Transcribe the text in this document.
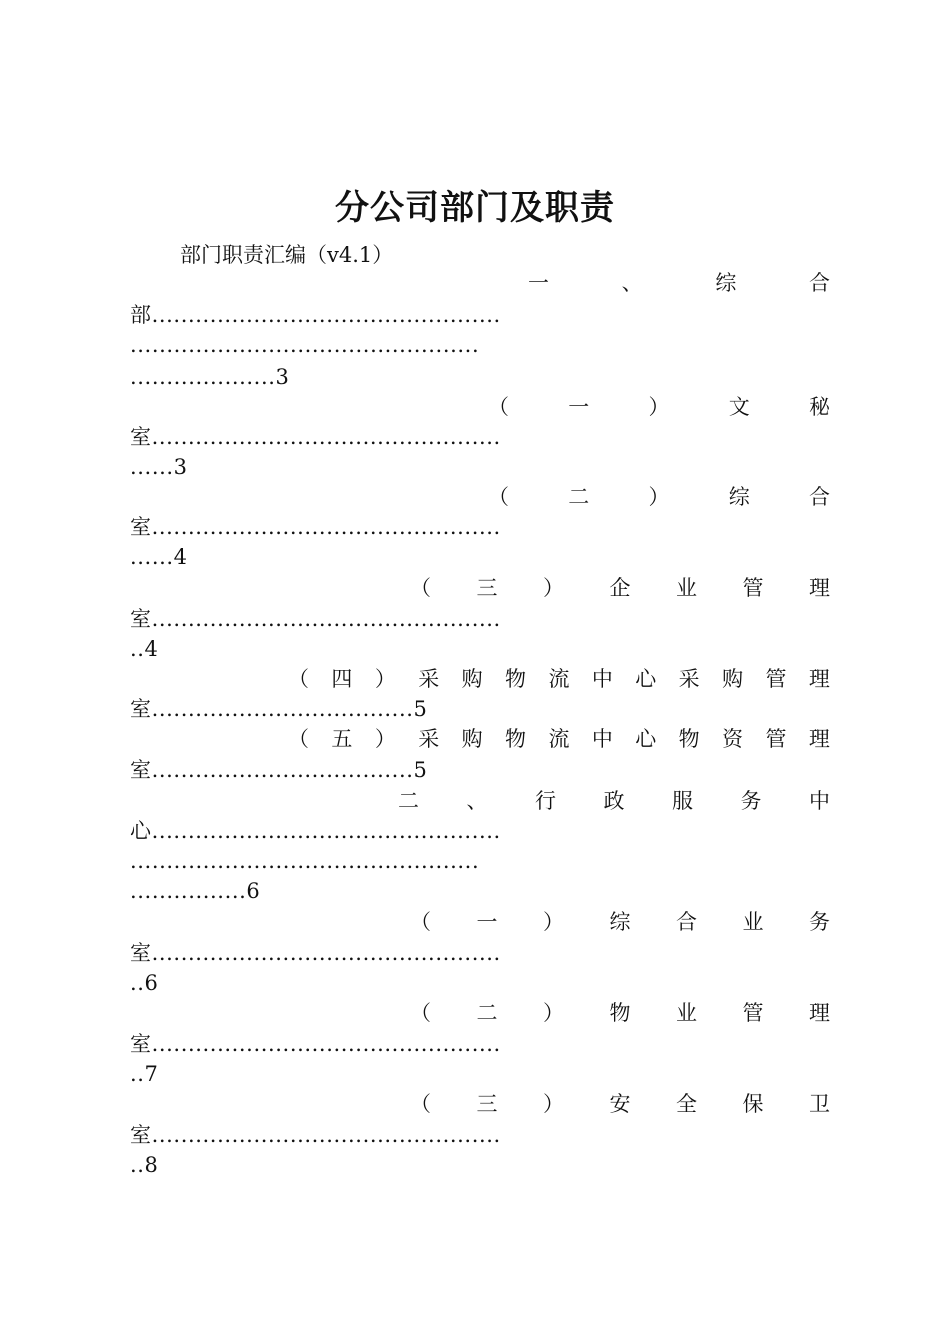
分公司部门及职责
部门职责汇编（v4.1）
一	、	综	合
部................................................
................................................
....................3
（	一	）	文	秘
室................................................
......3
（	二	）	综	合
室................................................
......4
（ 三 ） 企 业 管 理
室................................................
..4
（ 四 ） 采 购 物 流 中 心 采 购 管 理
室....................................5
（ 五 ） 采 购 物 流 中 心 物 资 管 理
室....................................5
二 、 行 政 服 务 中
心................................................
................................................
................6
（ 一 ） 综 合 业 务
室................................................
..6
（ 二 ） 物 业 管 理
室................................................
..7
（ 三 ） 安 全 保 卫
室................................................
..8
